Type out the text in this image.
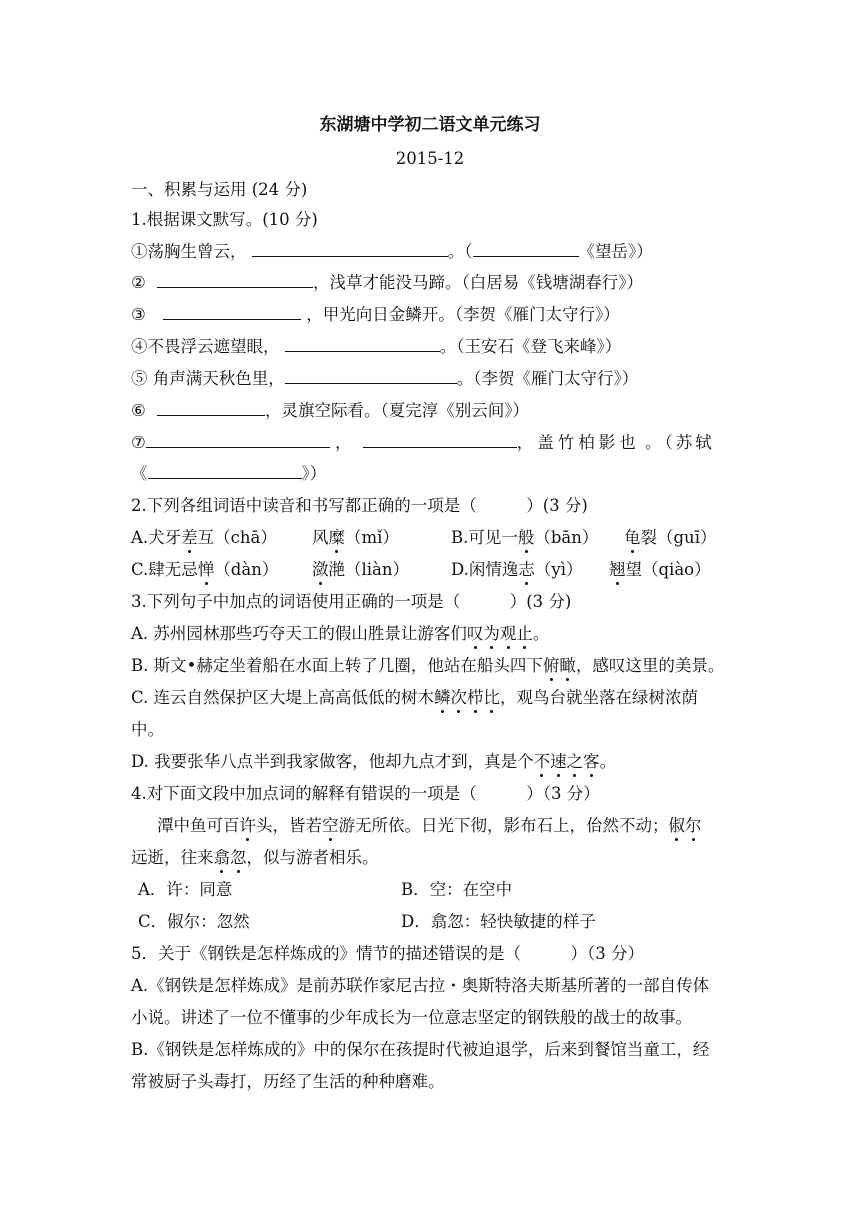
东湖塘中学初二语文单元练习
2015-12
一、积累与运用 (24 分)
1.根据课文默写。(10 分)
①荡胸生曾云，	。（	《望岳》）
②	，浅草才能没马蹄。（白居易《钱塘湖春行》）
③	，甲光向日金鳞开。（李贺《雁门太守行》）
④不畏浮云遮望眼，	。（王安石《登飞来峰》）
⑤ 角声满天秋色里，	。（李贺《雁门太守行》）
⑥	，灵旗空际看。（夏完淳《别云间》）
⑦	，	，盖竹柏影也 。（苏轼
《	》）
2.下列各组词语中读音和书写都正确的一项是（　　　）(3 分)
A.犬牙差互（chā） 风糜（mǐ）	B.可见一般（bān） 龟裂（guī）
C.肆无忌惮（dàn） 潋滟（liàn）	D.闲情逸志（yì） 翘望（qiào）
3.下列句子中加点的词语使用正确的一项是（　　　）(3 分)
A. 苏州园林那些巧夺天工的假山胜景让游客们叹为观止。
B. 斯文•赫定坐着船在水面上转了几圈，他站在船头四下俯瞰，感叹这里的美景。
C. 连云自然保护区大堤上高高低低的树木鳞次栉比，观鸟台就坐落在绿树浓荫
中。
D. 我要张华八点半到我家做客，他却九点才到，真是个不速之客。
4.对下面文段中加点词的解释有错误的一项是（　　　）（3 分）
潭中鱼可百许头，皆若空游无所依。日光下彻，影布石上，佁然不动；俶尔
远逝，往来翕忽，似与游者相乐。
A．许：同意	B．空：在空中
C．俶尔：忽然	D．翕忽：轻快敏捷的样子
5．关于《钢铁是怎样炼成的》情节的描述错误的是（　　　）（3 分）
A.《钢铁是怎样炼成》是前苏联作家尼古拉・奥斯特洛夫斯基所著的一部自传体
小说。讲述了一位不懂事的少年成长为一位意志坚定的钢铁般的战士的故事。
B.《钢铁是怎样炼成的》中的保尔在孩提时代被迫退学，后来到餐馆当童工，经
常被厨子头毒打，历经了生活的种种磨难。
